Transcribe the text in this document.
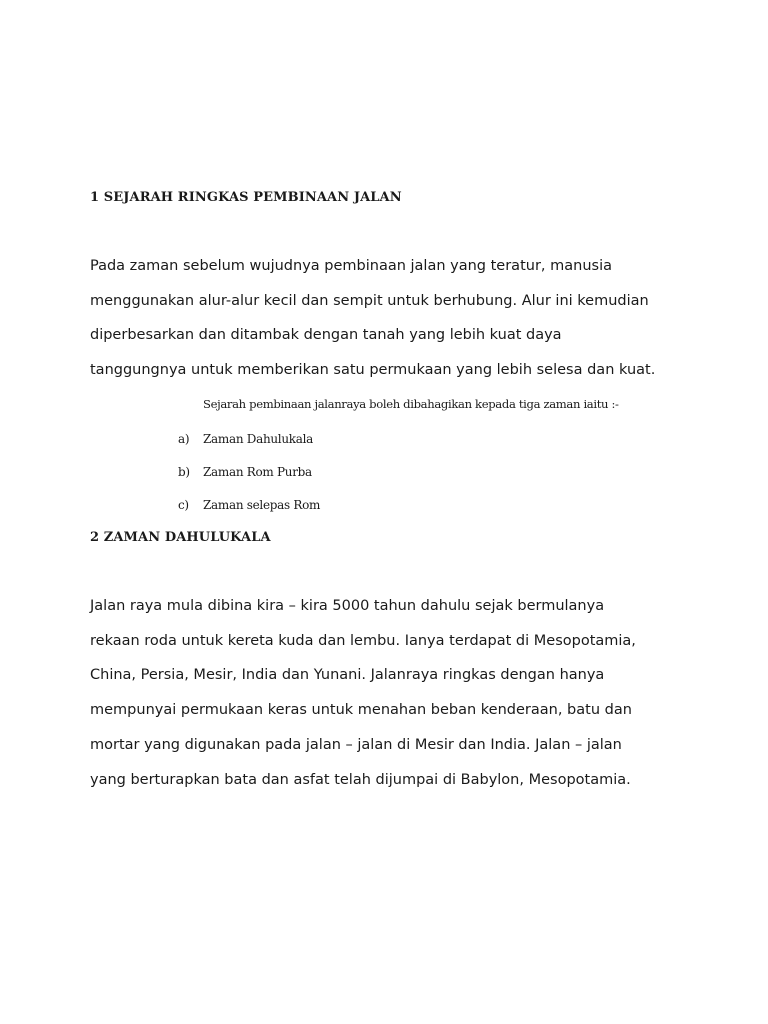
1 SEJARAH RINGKAS PEMBINAAN JALAN

Pada zaman sebelum wujudnya pembinaan jalan yang teratur, manusia
menggunakan alur-alur kecil dan sempit untuk berhubung. Alur ini kemudian
diperbesarkan dan ditambak dengan tanah yang lebih kuat daya
tanggungnya untuk memberikan satu permukaan yang lebih selesa dan kuat.

Sejarah pembinaan jalanraya boleh dibahagikan kepada tiga zaman iaitu :-
a) Zaman Dahulukala
b) Zaman Rom Purba
c) Zaman selepas Rom
2 ZAMAN DAHULUKALA

Jalan raya mula dibina kira – kira 5000 tahun dahulu sejak bermulanya
rekaan roda untuk kereta kuda dan lembu. Ianya terdapat di Mesopotamia,
China, Persia, Mesir, India dan Yunani. Jalanraya ringkas dengan hanya
mempunyai permukaan keras untuk menahan beban kenderaan, batu dan
mortar yang digunakan pada jalan – jalan di Mesir dan India. Jalan – jalan
yang berturapkan bata dan asfat telah dijumpai di Babylon, Mesopotamia.
